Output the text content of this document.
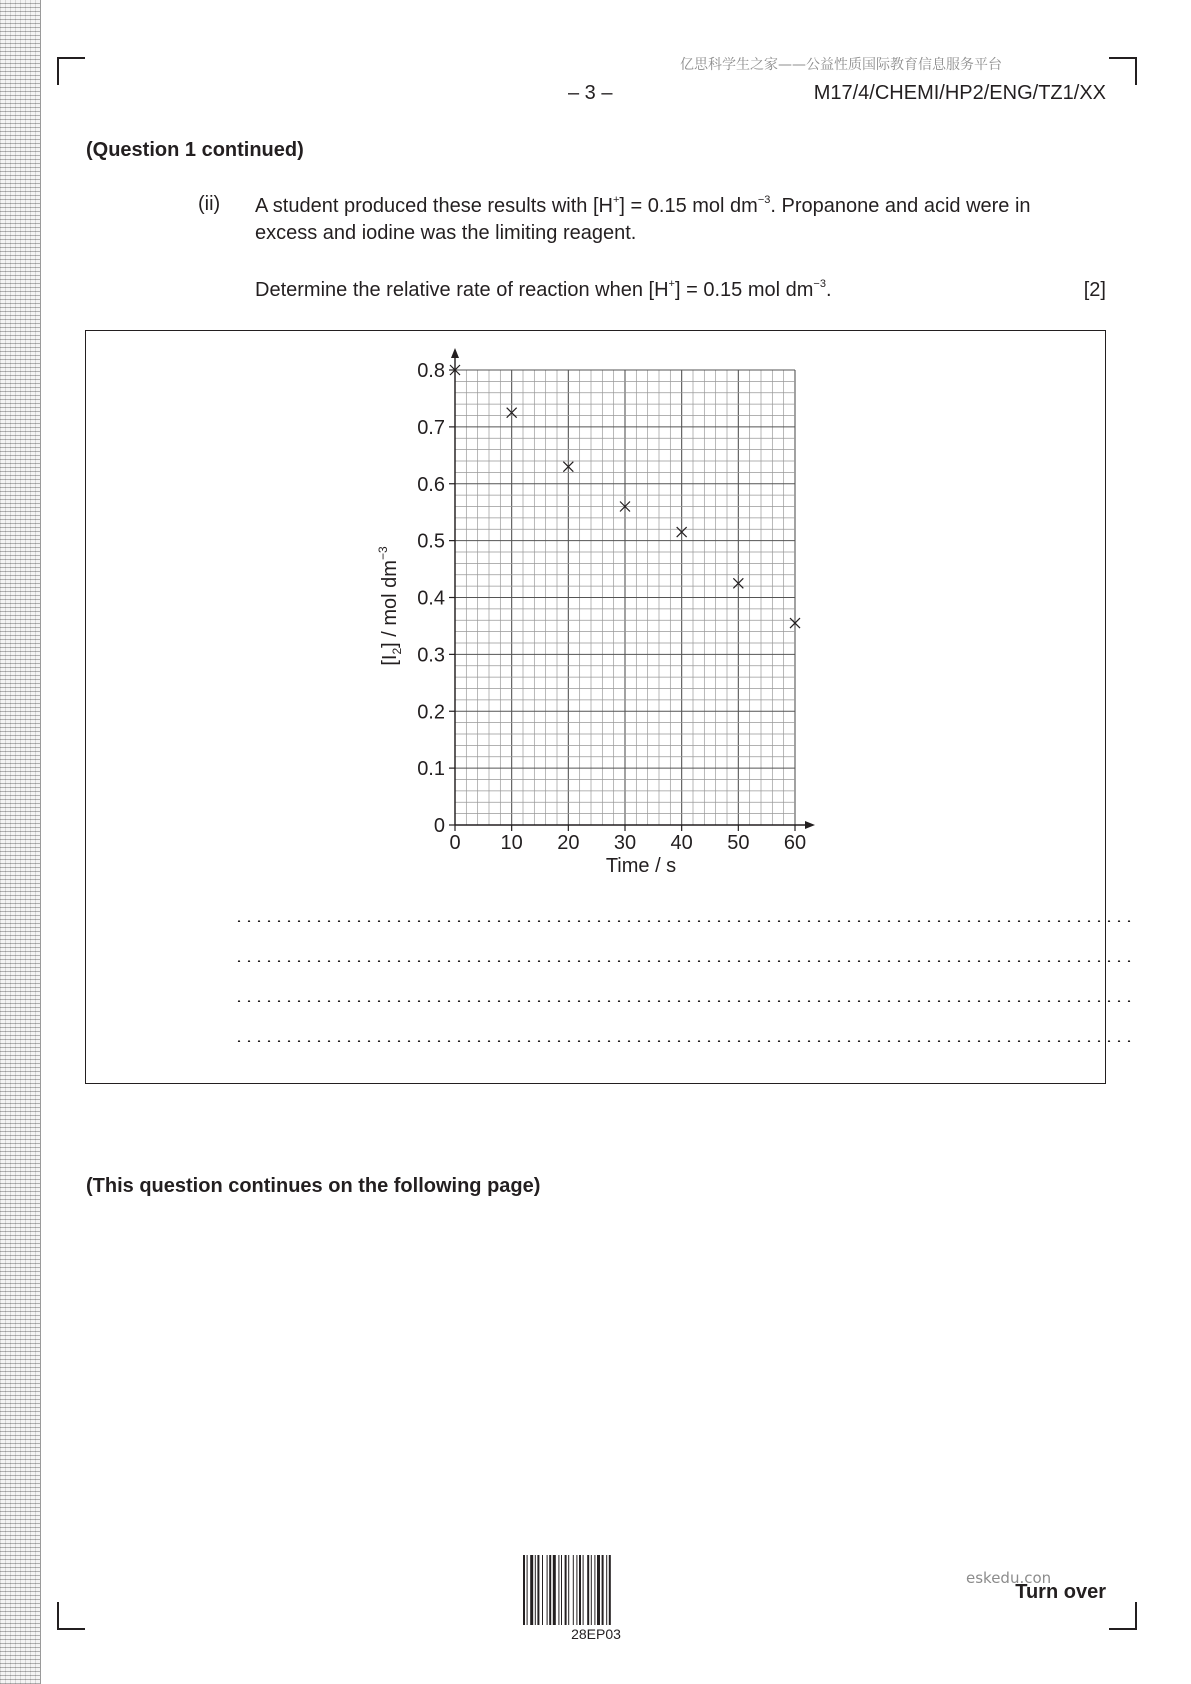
亿思科学生之家——公益性质国际教育信息服务平台
– 3 –	M17/4/CHEMI/HP2/ENG/TZ1/XX
(Question 1 continued)
(ii) A student produced these results with [H+] = 0.15 mol $dm^{-3}$. Propanone and acid were in excess and iodine was the limiting reagent.
Determine the relative rate of reaction when [H+] = 0.15 mol $dm^{-3}$.	[2]
0
0.1
0.2
0.3
0.4
0.5
0.6
0.7
0.8
0 10 20 30 40 50 60
Time / s
$[I_2]$ / mol $dm^{-3}$
(This question continues on the following page)
28EP03
eskedu.con
Turn over
